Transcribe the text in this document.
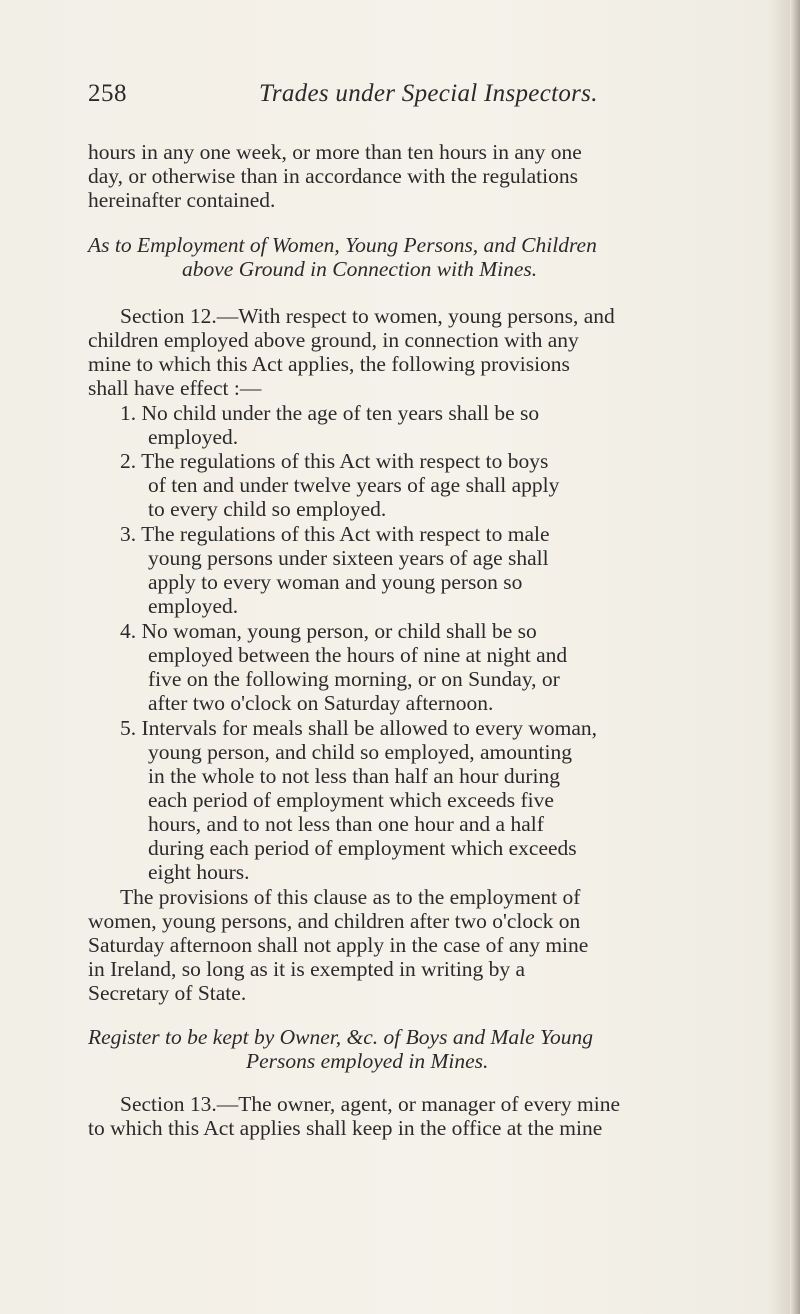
258	Trades under Special Inspectors.
hours in any one week, or more than ten hours in any one
day, or otherwise than in accordance with the regulations
hereinafter contained.
As to Employment of Women, Young Persons, and Children
above Ground in Connection with Mines.
Section 12.—With respect to women, young persons, and
children employed above ground, in connection with any
mine to which this Act applies, the following provisions
shall have effect :—
1. No child under the age of ten years shall be so
employed.
2. The regulations of this Act with respect to boys
of ten and under twelve years of age shall apply
to every child so employed.
3. The regulations of this Act with respect to male
young persons under sixteen years of age shall
apply to every woman and young person so
employed.
4. No woman, young person, or child shall be so
employed between the hours of nine at night and
five on the following morning, or on Sunday, or
after two o'clock on Saturday afternoon.
5. Intervals for meals shall be allowed to every woman,
young person, and child so employed, amounting
in the whole to not less than half an hour during
each period of employment which exceeds five
hours, and to not less than one hour and a half
during each period of employment which exceeds
eight hours.
The provisions of this clause as to the employment of
women, young persons, and children after two o'clock on
Saturday afternoon shall not apply in the case of any mine
in Ireland, so long as it is exempted in writing by a
Secretary of State.
Register to be kept by Owner, &c. of Boys and Male Young
Persons employed in Mines.
Section 13.—The owner, agent, or manager of every mine
to which this Act applies shall keep in the office at the mine
